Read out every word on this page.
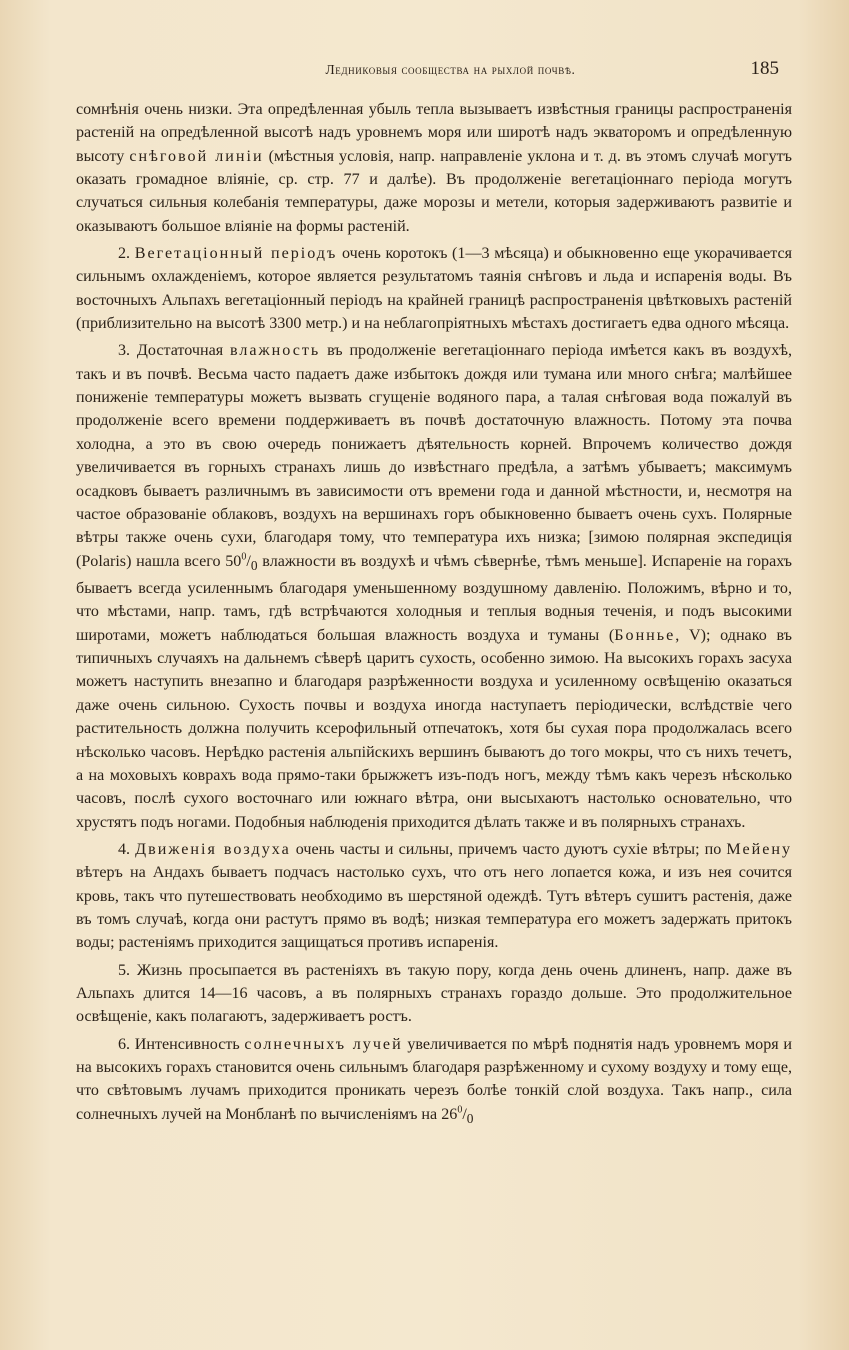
Ледниковыя сообщества на рыхлой почвѣ.	185

сомнѣнія очень низки. Эта опредѣленная убыль тепла вызываетъ извѣстныя границы распространенія растеній на опредѣленной высотѣ надъ уровнемъ моря или широтѣ надъ экваторомъ и опредѣленную высоту снѣговой линіи (мѣстныя условія, напр. направленіе уклона и т. д. въ этомъ случаѣ могутъ оказать громадное вліяніе, ср. стр. 77 и далѣе). Въ продолженіе вегетаціоннаго періода могутъ случаться сильныя колебанія температуры, даже морозы и метели, которыя задерживаютъ развитіе и оказываютъ большое вліяніе на формы растеній.

2. Вегетаціонный періодъ очень коротокъ (1—3 мѣсяца) и обыкновенно еще укорачивается сильнымъ охлажденіемъ, которое является результатомъ таянія снѣговъ и льда и испаренія воды. Въ восточныхъ Альпахъ вегетаціонный періодъ на крайней границѣ распространенія цвѣтковыхъ растеній (приблизительно на высотѣ 3300 метр.) и на неблагопріятныхъ мѣстахъ достигаетъ едва одного мѣсяца.

3. Достаточная влажность въ продолженіе вегетаціоннаго періода имѣется какъ въ воздухѣ, такъ и въ почвѣ. Весьма часто падаетъ даже избытокъ дождя или тумана или много снѣга; малѣйшее пониженіе температуры можетъ вызвать сгущеніе водяного пара, а талая снѣговая вода пожалуй въ продолженіе всего времени поддерживаетъ въ почвѣ достаточную влажность. Потому эта почва холодна, а это въ свою очередь понижаетъ дѣятельность корней. Впрочемъ количество дождя увеличивается въ горныхъ странахъ лишь до извѣстнаго предѣла, а затѣмъ убываетъ; максимумъ осадковъ бываетъ различнымъ въ зависимости отъ времени года и данной мѣстности, и, несмотря на частое образованіе облаковъ, воздухъ на вершинахъ горъ обыкновенно бываетъ очень сухъ. Полярные вѣтры также очень сухи, благодаря тому, что температура ихъ низка; [зимою полярная экспедиція (Polaris) нашла всего $50^0/_0$ влажности въ воздухѣ и чѣмъ сѣвернѣе, тѣмъ меньше]. Испареніе на горахъ бываетъ всегда усиленнымъ благодаря уменьшенному воздушному давленію. Положимъ, вѣрно и то, что мѣстами, напр. тамъ, гдѣ встрѣчаются холодныя и теплыя водныя теченія, и подъ высокими широтами, можетъ наблюдаться большая влажность воздуха и туманы (Боннье, V); однако въ типичныхъ случаяхъ на дальнемъ сѣверѣ царитъ сухость, особенно зимою. На высокихъ горахъ засуха можетъ наступить внезапно и благодаря разрѣженности воздуха и усиленному освѣщенію оказаться даже очень сильною. Сухость почвы и воздуха иногда наступаетъ періодически, вслѣдствіе чего растительность должна получить ксерофильный отпечатокъ, хотя бы сухая пора продолжалась всего нѣсколько часовъ. Нерѣдко растенія альпійскихъ вершинъ бываютъ до того мокры, что съ нихъ течетъ, а на моховыхъ коврахъ вода прямо-таки брыжжетъ изъ-подъ ногъ, между тѣмъ какъ черезъ нѣсколько часовъ, послѣ сухого восточнаго или южнаго вѣтра, они высыхаютъ настолько основательно, что хрустятъ подъ ногами. Подобныя наблюденія приходится дѣлать также и въ полярныхъ странахъ.

4. Движенія воздуха очень часты и сильны, причемъ часто дуютъ сухіе вѣтры; по Мейену вѣтеръ на Андахъ бываетъ подчасъ настолько сухъ, что отъ него лопается кожа, и изъ нея сочится кровь, такъ что путешествовать необходимо въ шерстяной одеждѣ. Тутъ вѣтеръ сушитъ растенія, даже въ томъ случаѣ, когда они растутъ прямо въ водѣ; низкая температура его можетъ задержать притокъ воды; растеніямъ приходится защищаться противъ испаренія.

5. Жизнь просыпается въ растеніяхъ въ такую пору, когда день очень длиненъ, напр. даже въ Альпахъ длится 14—16 часовъ, а въ полярныхъ странахъ гораздо дольше. Это продолжительное освѣщеніе, какъ полагаютъ, задерживаетъ ростъ.

6. Интенсивность солнечныхъ лучей увеличивается по мѣрѣ поднятія надъ уровнемъ моря и на высокихъ горахъ становится очень сильнымъ благодаря разрѣженному и сухому воздуху и тому еще, что свѣтовымъ лучамъ приходится проникать черезъ болѣе тонкій слой воздуха. Такъ напр., сила солнечныхъ лучей на Монбланѣ по вычисленіямъ на $26^0/_0$
